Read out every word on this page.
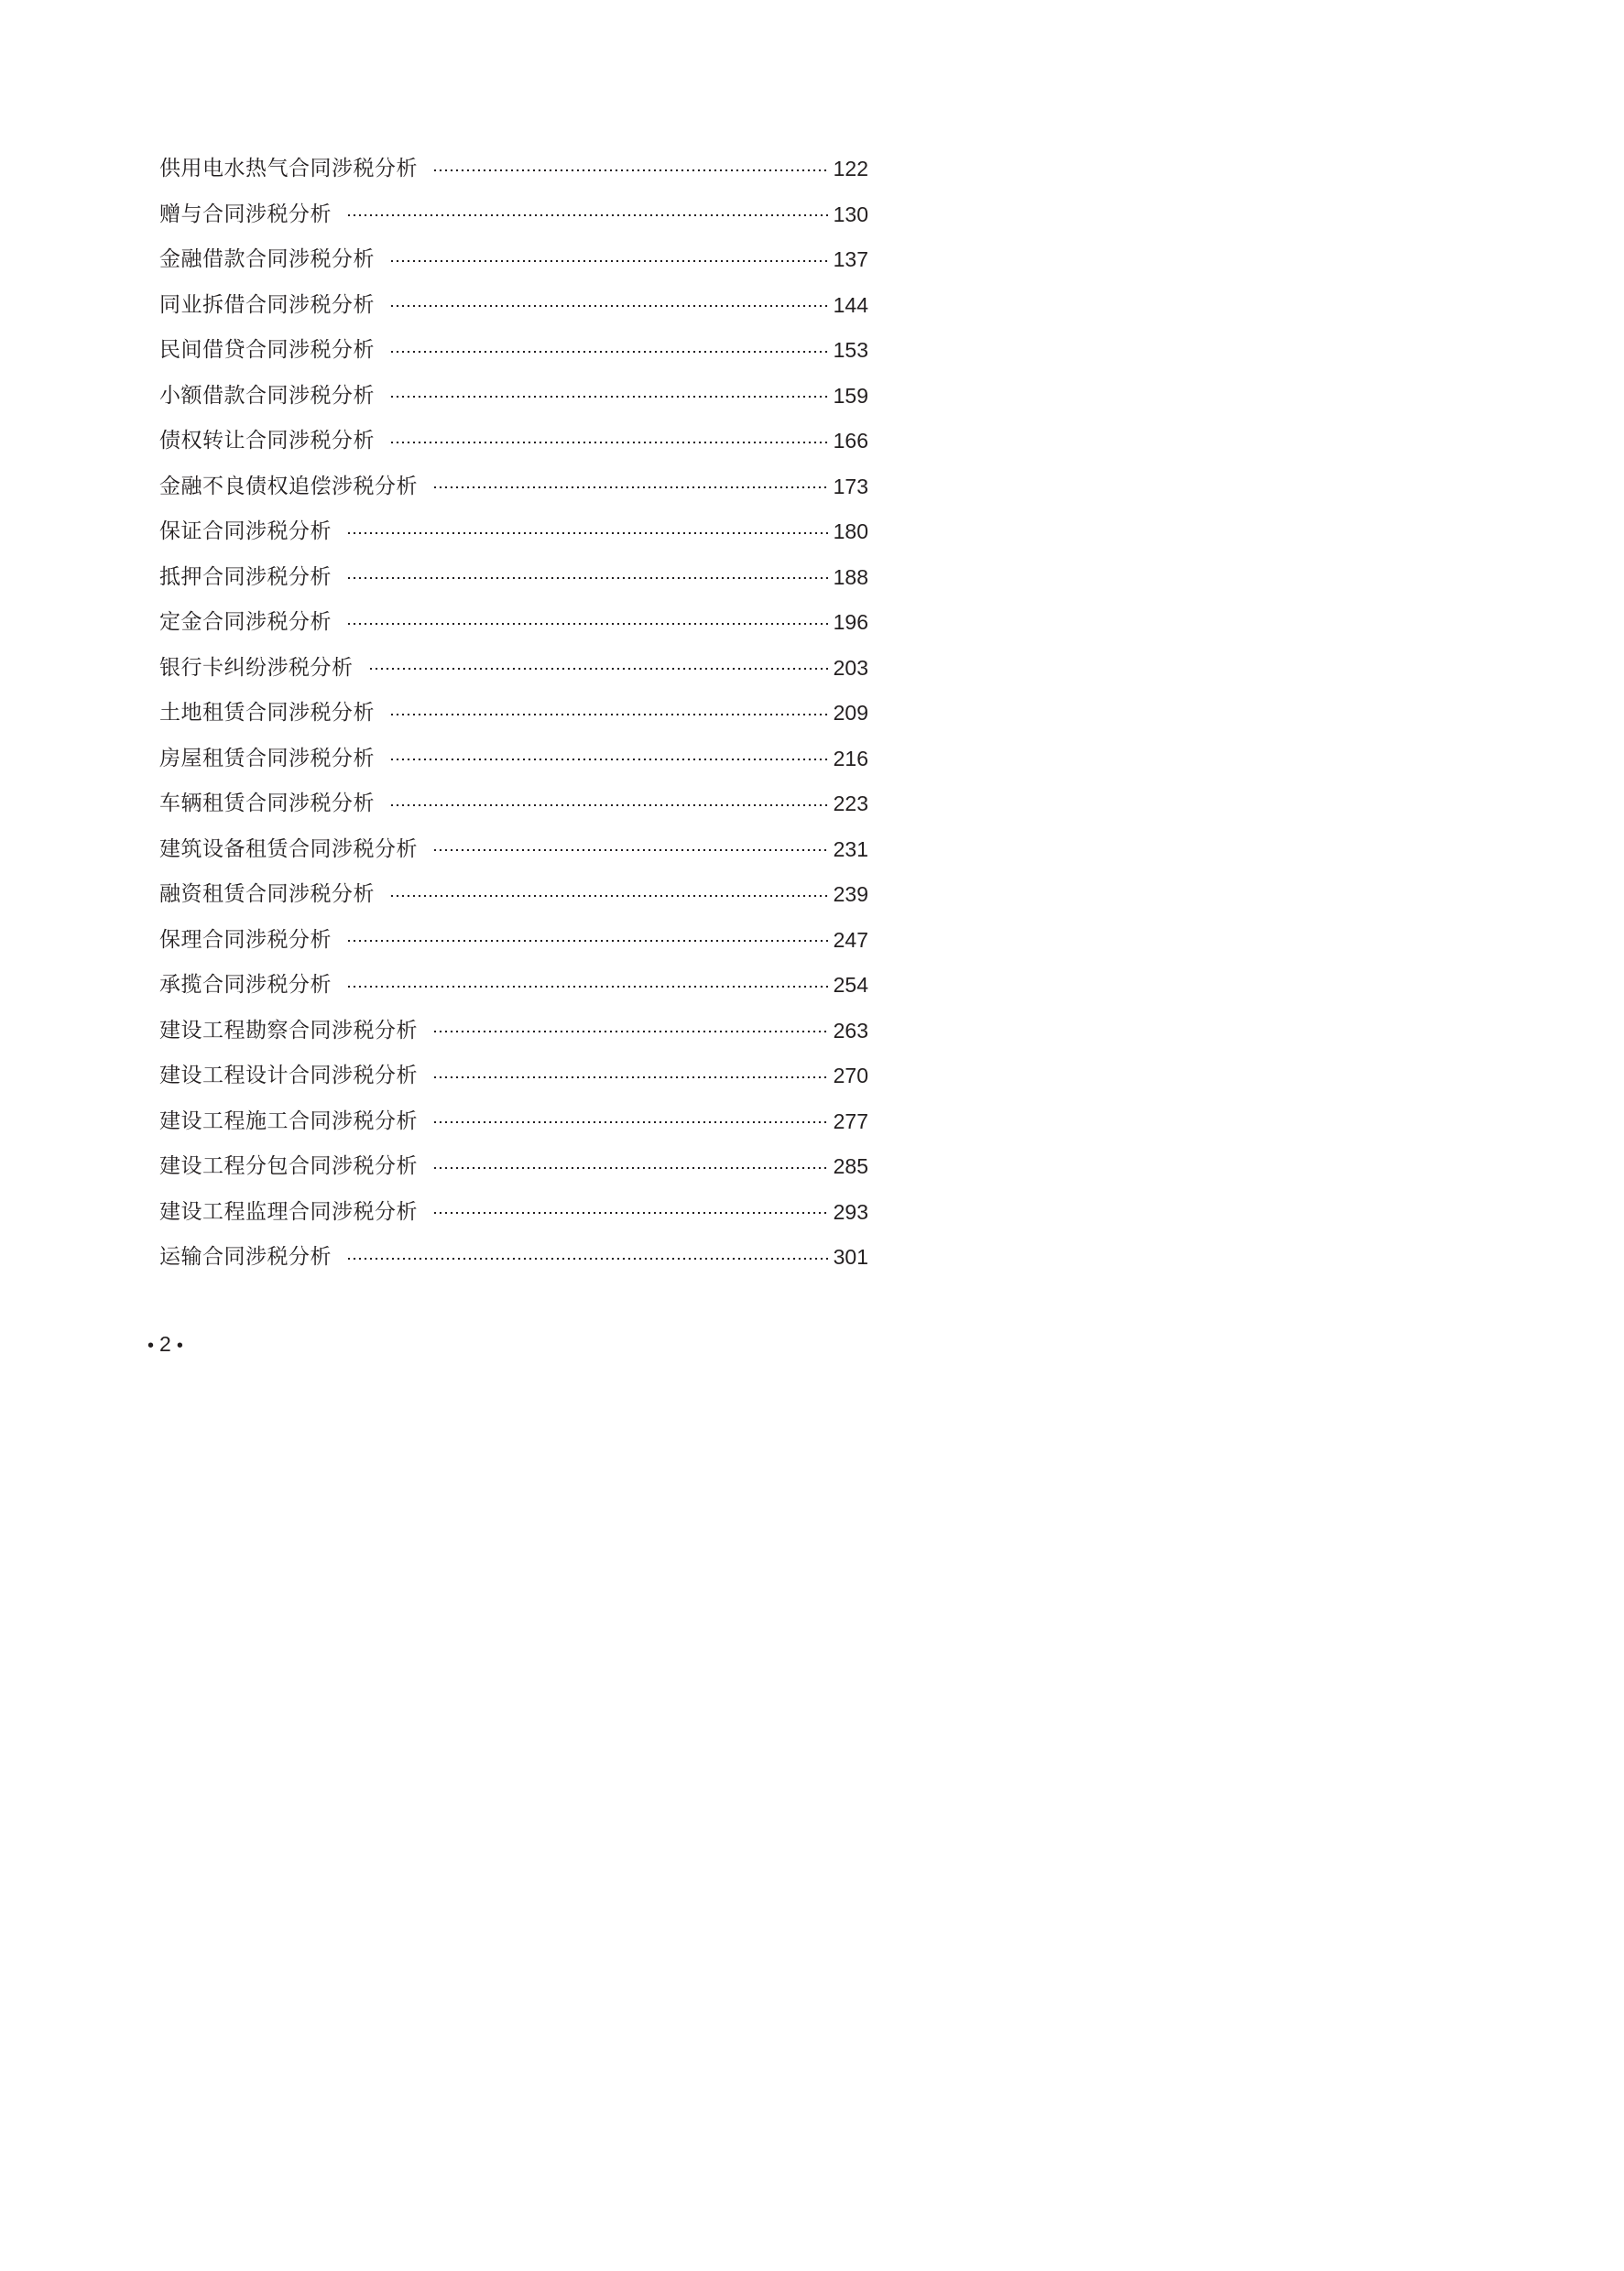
供用电水热气合同涉税分析	122
赠与合同涉税分析	130
金融借款合同涉税分析	137
同业拆借合同涉税分析	144
民间借贷合同涉税分析	153
小额借款合同涉税分析	159
债权转让合同涉税分析	166
金融不良债权追偿涉税分析	173
保证合同涉税分析	180
抵押合同涉税分析	188
定金合同涉税分析	196
银行卡纠纷涉税分析	203
土地租赁合同涉税分析	209
房屋租赁合同涉税分析	216
车辆租赁合同涉税分析	223
建筑设备租赁合同涉税分析	231
融资租赁合同涉税分析	239
保理合同涉税分析	247
承揽合同涉税分析	254
建设工程勘察合同涉税分析	263
建设工程设计合同涉税分析	270
建设工程施工合同涉税分析	277
建设工程分包合同涉税分析	285
建设工程监理合同涉税分析	293
运输合同涉税分析	301
• 2 •
